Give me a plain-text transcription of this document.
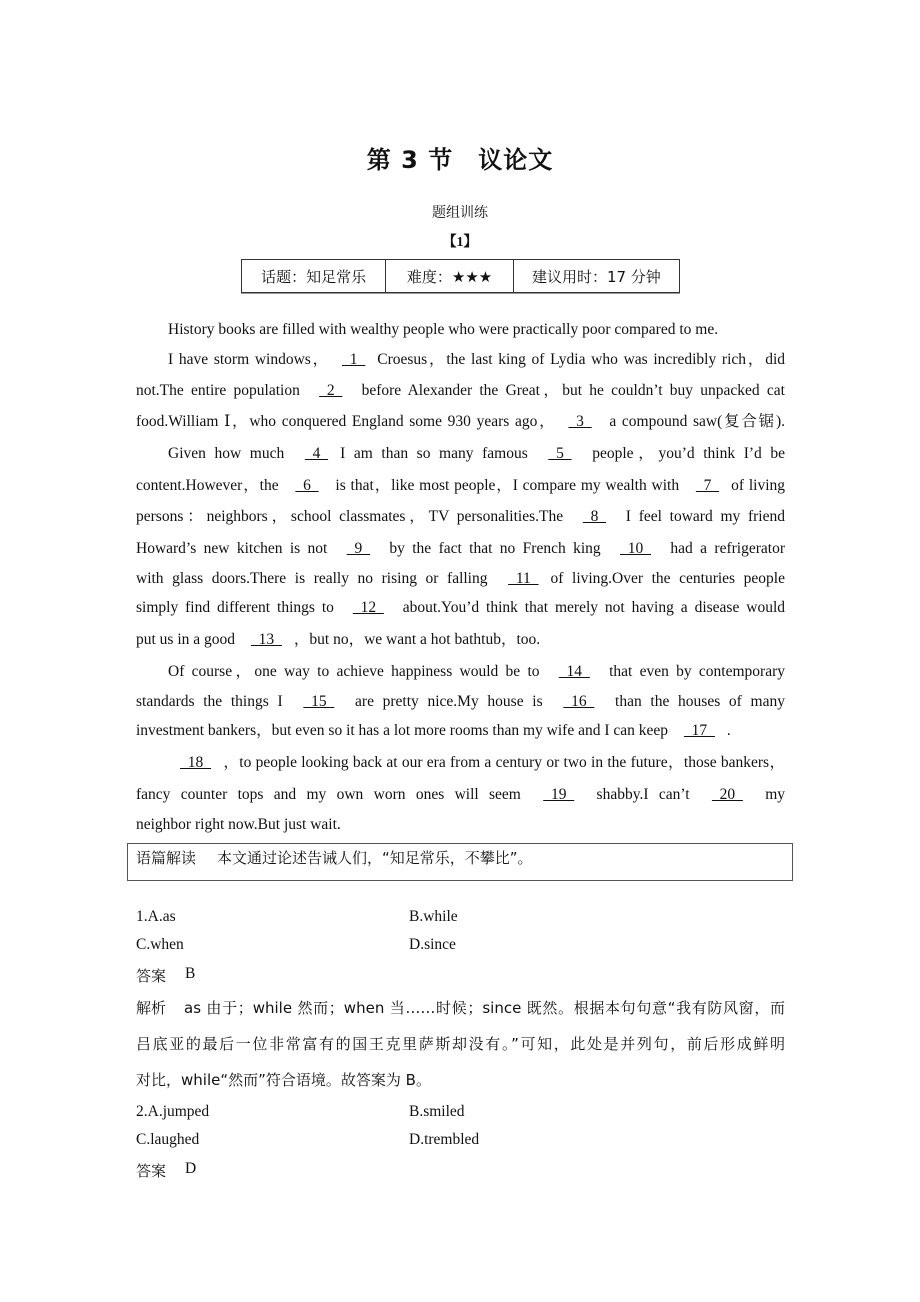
第 3 节　议论文
题组训练
【1】
话题：知足常乐	难度：★★★	建议用时：17 分钟
History books are filled with wealthy people who were practically poor compared to me.
I have storm windows，  1  Croesus，the last king of Lydia who was incredibly rich，did
not.The entire population   2   before Alexander the Great，but he couldn’t buy unpacked cat
food.William Ⅰ，who conquered England some 930 years ago，  3   a compound saw(复合锯).
Given how much   4  I am than so many famous   5   people，you’d think I’d be
content.However，the   6   is that，like most people，I compare my wealth with   7  of living
persons：neighbors，school classmates，TV personalities.The   8   I feel toward my friend
Howard’s new kitchen is not   9   by the fact that no French king   10   had a refrigerator
with glass doors.There is really no rising or falling   11  of living.Over the centuries people
simply find different things to   12   about.You’d think that merely not having a disease would
put us in a good   13  ，but no，we want a hot bathtub，too.
Of course，one way to achieve happiness would be to   14   that even by contemporary
standards the things I   15   are pretty nice.My house is   16   than the houses of many
investment bankers，but even so it has a lot more rooms than my wife and I can keep   17  .
18  ，to people looking back at our era from a century or two in the future，those bankers，
fancy counter tops and my own worn ones will seem   19   shabby.I can’t   20   my
neighbor right now.But just wait.
语篇解读 本文通过论述告诫人们，“知足常乐，不攀比”。
1.A.as	B.while
C.when	D.since
答案 B
解析 as 由于；while 然而；when 当……时候；since 既然。根据本句句意“我有防风窗，而
吕底亚的最后一位非常富有的国王克里萨斯却没有。”可知，此处是并列句，前后形成鲜明
对比，while“然而”符合语境。故答案为 B。
2.A.jumped	B.smiled
C.laughed	D.trembled
答案 D
